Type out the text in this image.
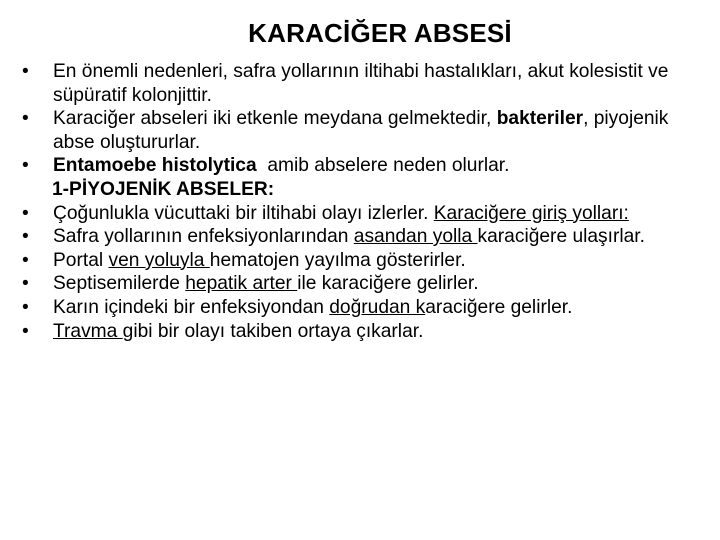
KARACİĞER ABSESİ
• En önemli nedenleri, safra yollarının iltihabi hastalıkları, akut kolesistit ve süpüratif kolonjittir.
• Karaciğer abseleri iki etkenle meydana gelmektedir, bakteriler, piyojenik abse oluştururlar.
• Entamoebe histolytica  amib abselere neden olurlar.
1-PİYOJENİK ABSELER:
• Çoğunlukla vücuttaki bir iltihabi olayı izlerler. Karaciğere giriş yolları:
• Safra yollarının enfeksiyonlarından asandan yolla karaciğere ulaşırlar.
• Portal ven yoluyla hematojen yayılma gösterirler.
• Septisemilerde hepatik arter ile karaciğere gelirler.
• Karın içindeki bir enfeksiyondan doğrudan karaciğere gelirler.
• Travma gibi bir olayı takiben ortaya çıkarlar.
